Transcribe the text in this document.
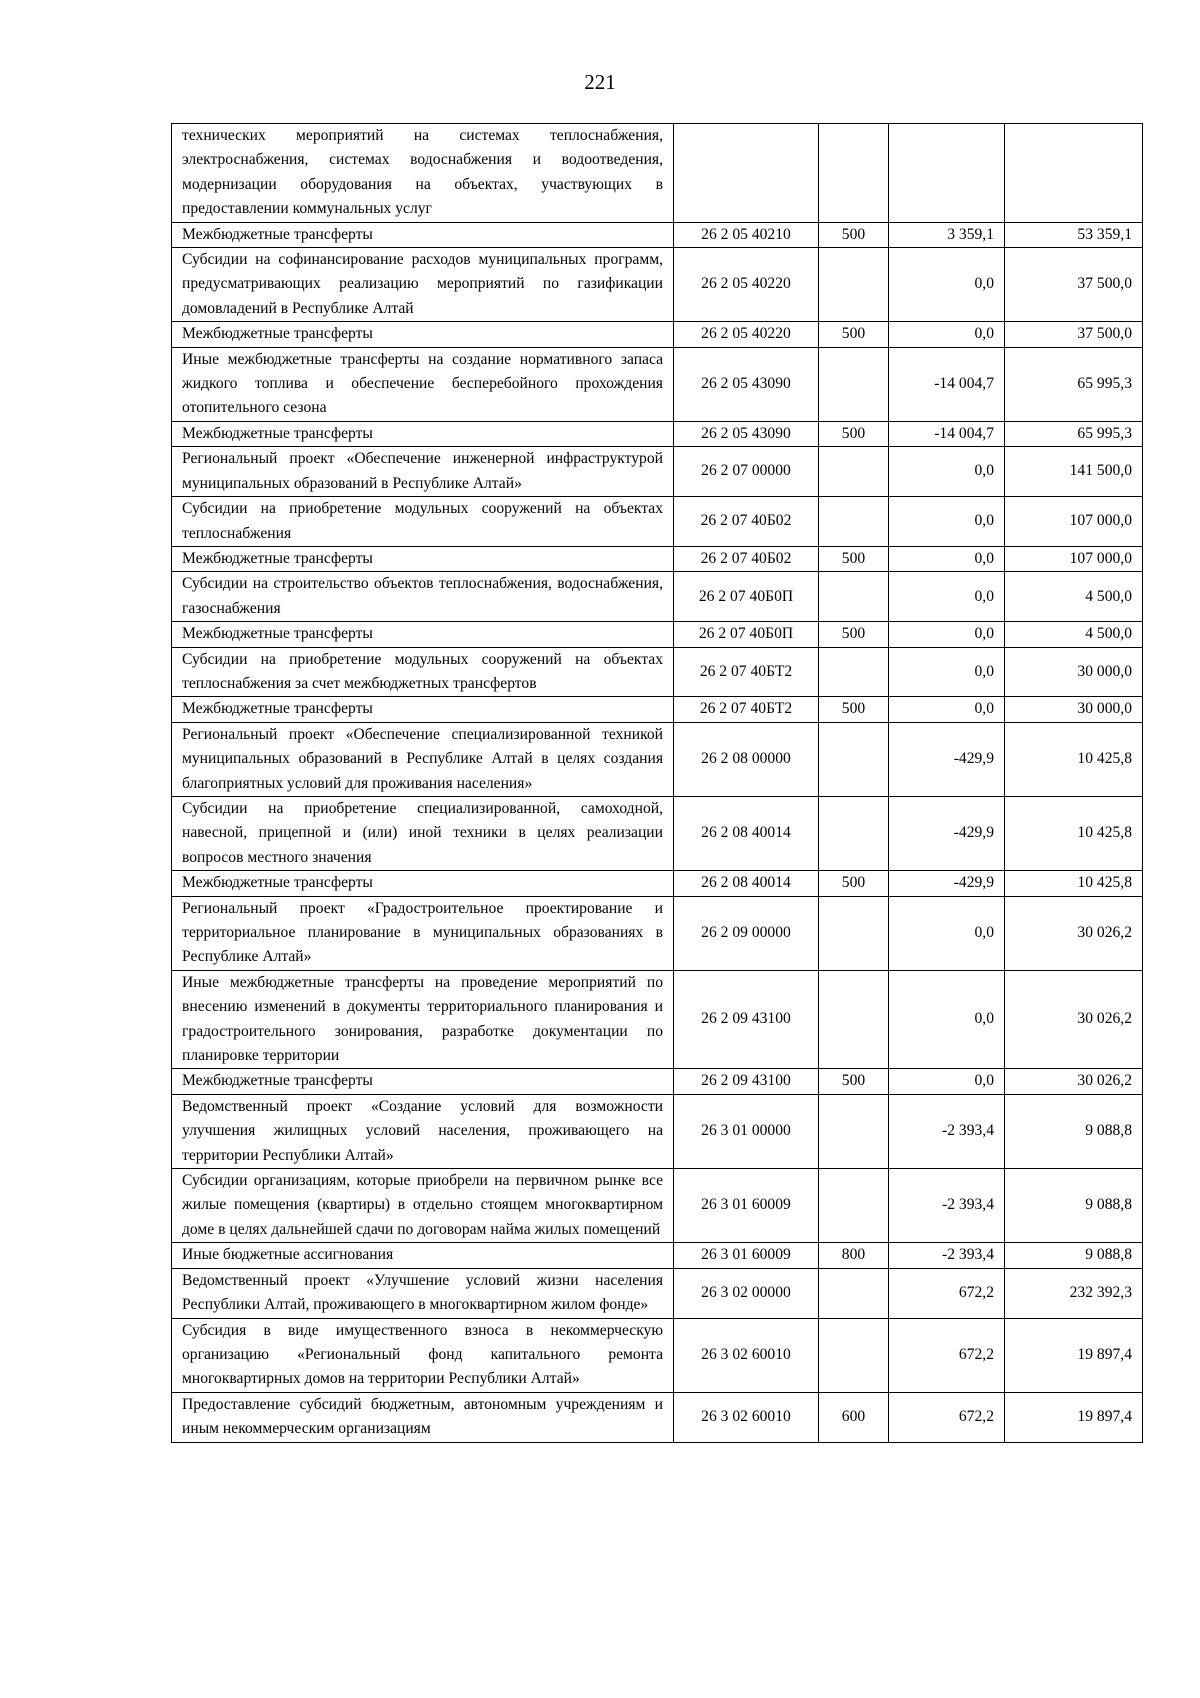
221
технических мероприятий на системах теплоснабжения, электроснабжения, системах водоснабжения и водоотведения, модернизации оборудования на объектах, участвующих в предоставлении коммунальных услуг				
Межбюджетные трансферты	26 2 05 40210	500	3 359,1	53 359,1
Субсидии на софинансирование расходов муниципальных программ, предусматривающих реализацию мероприятий по газификации домовладений в Республике Алтай	26 2 05 40220		0,0	37 500,0
Межбюджетные трансферты	26 2 05 40220	500	0,0	37 500,0
Иные межбюджетные трансферты на создание нормативного запаса жидкого топлива и обеспечение бесперебойного прохождения отопительного сезона	26 2 05 43090		-14 004,7	65 995,3
Межбюджетные трансферты	26 2 05 43090	500	-14 004,7	65 995,3
Региональный проект «Обеспечение инженерной инфраструктурой муниципальных образований в Республике Алтай»	26 2 07 00000		0,0	141 500,0
Субсидии на приобретение модульных сооружений на объектах теплоснабжения	26 2 07 40Б02		0,0	107 000,0
Межбюджетные трансферты	26 2 07 40Б02	500	0,0	107 000,0
Субсидии на строительство объектов теплоснабжения, водоснабжения, газоснабжения	26 2 07 40Б0П		0,0	4 500,0
Межбюджетные трансферты	26 2 07 40Б0П	500	0,0	4 500,0
Субсидии на приобретение модульных сооружений на объектах теплоснабжения за счет межбюджетных трансфертов	26 2 07 40БТ2		0,0	30 000,0
Межбюджетные трансферты	26 2 07 40БТ2	500	0,0	30 000,0
Региональный проект «Обеспечение специализированной техникой муниципальных образований в Республике Алтай в целях создания благоприятных условий для проживания населения»	26 2 08 00000		-429,9	10 425,8
Субсидии на приобретение специализированной, самоходной, навесной, прицепной и (или) иной техники в целях реализации вопросов местного значения	26 2 08 40014		-429,9	10 425,8
Межбюджетные трансферты	26 2 08 40014	500	-429,9	10 425,8
Региональный проект «Градостроительное проектирование и территориальное планирование в муниципальных образованиях в Республике Алтай»	26 2 09 00000		0,0	30 026,2
Иные межбюджетные трансферты на проведение мероприятий по внесению изменений в документы территориального планирования и градостроительного зонирования, разработке документации по планировке территории	26 2 09 43100		0,0	30 026,2
Межбюджетные трансферты	26 2 09 43100	500	0,0	30 026,2
Ведомственный проект «Создание условий для возможности улучшения жилищных условий населения, проживающего на территории Республики Алтай»	26 3 01 00000		-2 393,4	9 088,8
Субсидии организациям, которые приобрели на первичном рынке все жилые помещения (квартиры) в отдельно стоящем многоквартирном доме в целях дальнейшей сдачи по договорам найма жилых помещений	26 3 01 60009		-2 393,4	9 088,8
Иные бюджетные ассигнования	26 3 01 60009	800	-2 393,4	9 088,8
Ведомственный проект «Улучшение условий жизни населения Республики Алтай, проживающего в многоквартирном жилом фонде»	26 3 02 00000		672,2	232 392,3
Субсидия в виде имущественного взноса в некоммерческую организацию «Региональный фонд капитального ремонта многоквартирных домов на территории Республики Алтай»	26 3 02 60010		672,2	19 897,4
Предоставление субсидий бюджетным, автономным учреждениям и иным некоммерческим организациям	26 3 02 60010	600	672,2	19 897,4
